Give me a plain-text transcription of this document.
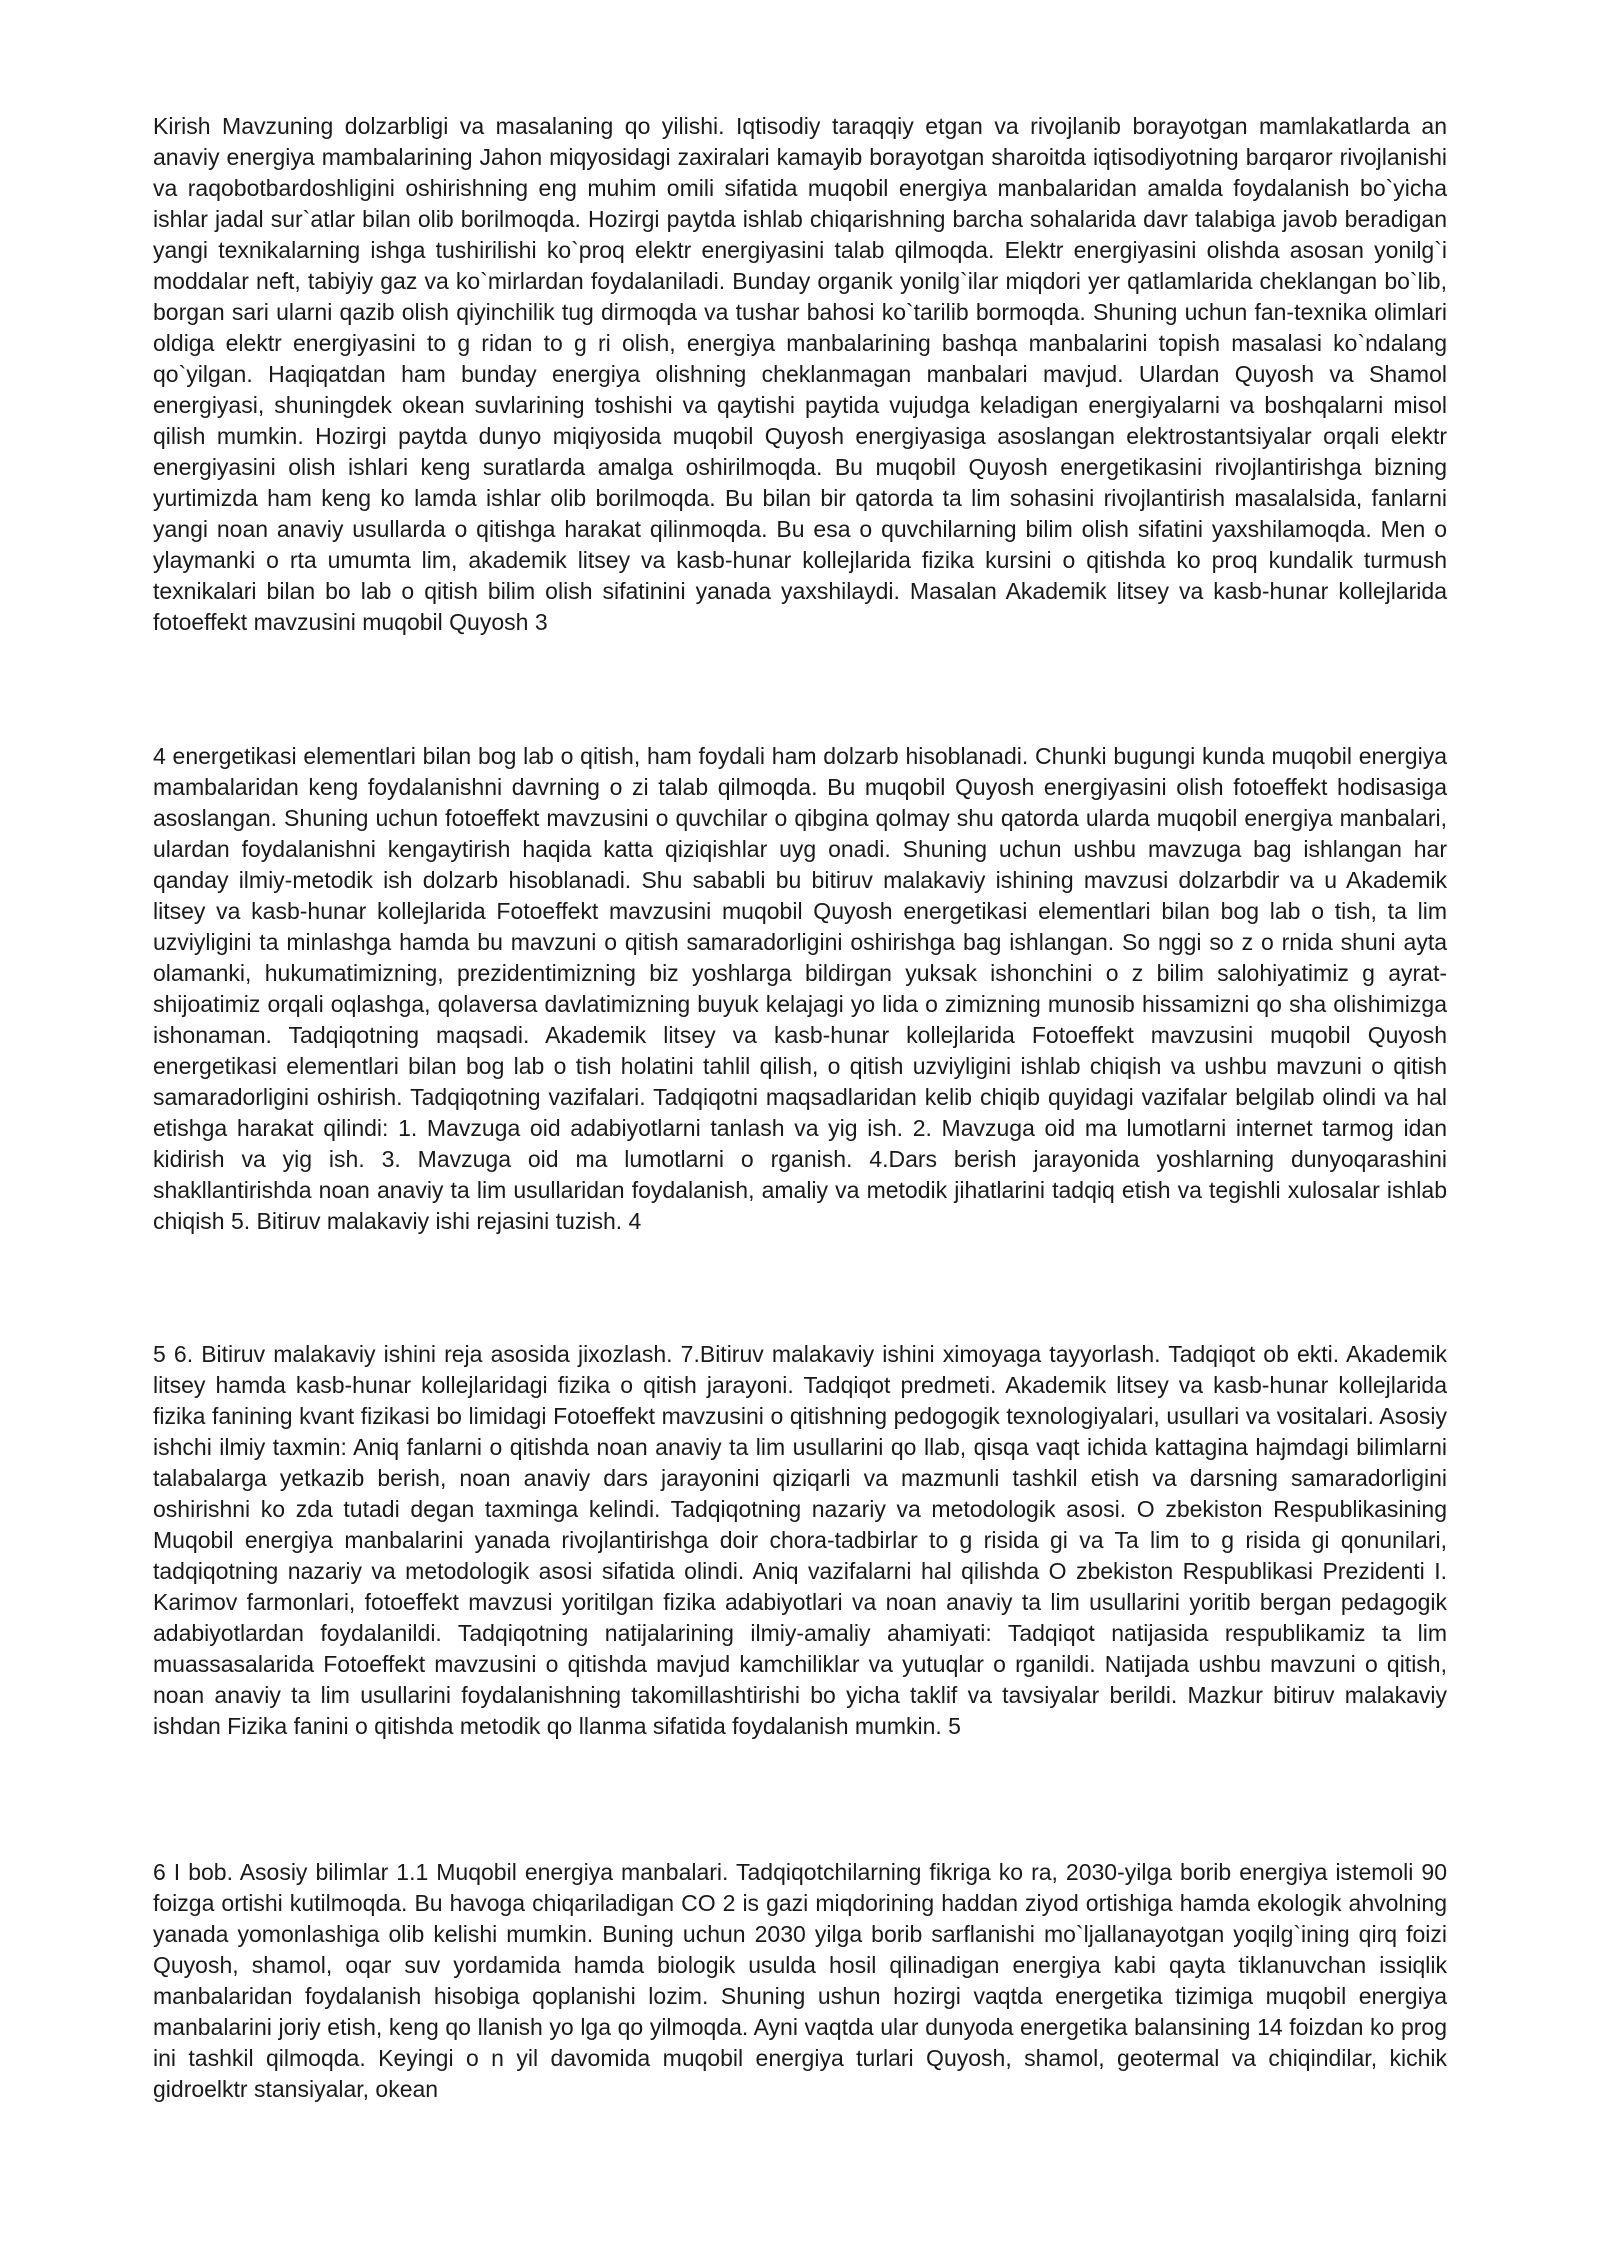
Kirish Mavzuning dolzarbligi va masalaning qo yilishi. Iqtisodiy taraqqiy etgan va rivojlanib borayotgan mamlakatlarda an anaviy energiya mambalarining Jahon miqyosidagi zaxiralari kamayib borayotgan sharoitda iqtisodiyotning barqaror rivojlanishi va raqobotbardoshligini oshirishning eng muhim omili sifatida muqobil energiya manbalaridan amalda foydalanish bo`yicha ishlar jadal sur`atlar bilan olib borilmoqda. Hozirgi paytda ishlab chiqarishning barcha sohalarida davr talabiga javob beradigan yangi texnikalarning ishga tushirilishi ko`proq elektr energiyasini talab qilmoqda. Elektr energiyasini olishda asosan yonilg`i moddalar neft, tabiyiy gaz va ko`mirlardan foydalaniladi. Bunday organik yonilg`ilar miqdori yer qatlamlarida cheklangan bo`lib, borgan sari ularni qazib olish qiyinchilik tug dirmoqda va tushar bahosi ko`tarilib bormoqda. Shuning uchun fan-texnika olimlari oldiga elektr energiyasini to g ridan to g ri olish, energiya manbalarining bashqa manbalarini topish masalasi ko`ndalang qo`yilgan. Haqiqatdan ham bunday energiya olishning cheklanmagan manbalari mavjud. Ulardan Quyosh va Shamol energiyasi, shuningdek okean suvlarining toshishi va qaytishi paytida vujudga keladigan energiyalarni va boshqalarni misol qilish mumkin. Hozirgi paytda dunyo miqiyosida muqobil Quyosh energiyasiga asoslangan elektrostantsiyalar orqali elektr energiyasini olish ishlari keng suratlarda amalga oshirilmoqda. Bu muqobil Quyosh energetikasini rivojlantirishga bizning yurtimizda ham keng ko lamda ishlar olib borilmoqda. Bu bilan bir qatorda ta lim sohasini rivojlantirish masalalsida, fanlarni yangi noan anaviy usullarda o qitishga harakat qilinmoqda. Bu esa o quvchilarning bilim olish sifatini yaxshilamoqda. Men o ylaymanki o rta umumta lim, akademik litsey va kasb-hunar kollejlarida fizika kursini o qitishda ko proq kundalik turmush texnikalari bilan bo lab o qitish bilim olish sifatinini yanada yaxshilaydi. Masalan Akademik litsey va kasb-hunar kollejlarida fotoeffekt mavzusini muqobil Quyosh 3

4 energetikasi elementlari bilan bog lab o qitish, ham foydali ham dolzarb hisoblanadi. Chunki bugungi kunda muqobil energiya mambalaridan keng foydalanishni davrning o zi talab qilmoqda. Bu muqobil Quyosh energiyasini olish fotoeffekt hodisasiga asoslangan. Shuning uchun fotoeffekt mavzusini o quvchilar o qibgina qolmay shu qatorda ularda muqobil energiya manbalari, ulardan foydalanishni kengaytirish haqida katta qiziqishlar uyg onadi. Shuning uchun ushbu mavzuga bag ishlangan har qanday ilmiy-metodik ish dolzarb hisoblanadi. Shu sababli bu bitiruv malakaviy ishining mavzusi dolzarbdir va u Akademik litsey va kasb-hunar kollejlarida Fotoeffekt mavzusini muqobil Quyosh energetikasi elementlari bilan bog lab o tish, ta lim uzviyligini ta minlashga hamda bu mavzuni o qitish samaradorligini oshirishga bag ishlangan. So nggi so z o rnida shuni ayta olamanki, hukumatimizning, prezidentimizning biz yoshlarga bildirgan yuksak ishonchini o z bilim salohiyatimiz g ayrat-shijoatimiz orqali oqlashga, qolaversa davlatimizning buyuk kelajagi yo lida o zimizning munosib hissamizni qo sha olishimizga ishonaman. Tadqiqotning maqsadi. Akademik litsey va kasb-hunar kollejlarida Fotoeffekt mavzusini muqobil Quyosh energetikasi elementlari bilan bog lab o tish holatini tahlil qilish, o qitish uzviyligini ishlab chiqish va ushbu mavzuni o qitish samaradorligini oshirish. Tadqiqotning vazifalari. Tadqiqotni maqsadlaridan kelib chiqib quyidagi vazifalar belgilab olindi va hal etishga harakat qilindi: 1. Mavzuga oid adabiyotlarni tanlash va yig ish. 2. Mavzuga oid ma lumotlarni internet tarmog idan kidirish va yig ish. 3. Mavzuga oid ma lumotlarni o rganish. 4.Dars berish jarayonida yoshlarning dunyoqarashini shakllantirishda noan anaviy ta lim usullaridan foydalanish, amaliy va metodik jihatlarini tadqiq etish va tegishli xulosalar ishlab chiqish 5. Bitiruv malakaviy ishi rejasini tuzish. 4

5 6. Bitiruv malakaviy ishini reja asosida jixozlash. 7.Bitiruv malakaviy ishini ximoyaga tayyorlash. Tadqiqot ob ekti. Akademik litsey hamda kasb-hunar kollejlaridagi fizika o qitish jarayoni. Tadqiqot predmeti. Akademik litsey va kasb-hunar kollejlarida fizika fanining kvant fizikasi bo limidagi Fotoeffekt mavzusini o qitishning pedogogik texnologiyalari, usullari va vositalari. Asosiy ishchi ilmiy taxmin: Aniq fanlarni o qitishda noan anaviy ta lim usullarini qo llab, qisqa vaqt ichida kattagina hajmdagi bilimlarni talabalarga yetkazib berish, noan anaviy dars jarayonini qiziqarli va mazmunli tashkil etish va darsning samaradorligini oshirishni ko zda tutadi degan taxminga kelindi. Tadqiqotning nazariy va metodologik asosi. O zbekiston Respublikasining Muqobil energiya manbalarini yanada rivojlantirishga doir chora-tadbirlar to g risida gi va Ta lim to g risida gi qonunilari, tadqiqotning nazariy va metodologik asosi sifatida olindi. Aniq vazifalarni hal qilishda O zbekiston Respublikasi Prezidenti I. Karimov farmonlari, fotoeffekt mavzusi yoritilgan fizika adabiyotlari va noan anaviy ta lim usullarini yoritib bergan pedagogik adabiyotlardan foydalanildi. Tadqiqotning natijalarining ilmiy-amaliy ahamiyati: Tadqiqot natijasida respublikamiz ta lim muassasalarida Fotoeffekt mavzusini o qitishda mavjud kamchiliklar va yutuqlar o rganildi. Natijada ushbu mavzuni o qitish, noan anaviy ta lim usullarini foydalanishning takomillashtirishi bo yicha taklif va tavsiyalar berildi. Mazkur bitiruv malakaviy ishdan Fizika fanini o qitishda metodik qo llanma sifatida foydalanish mumkin. 5

6 I bob. Asosiy bilimlar 1.1 Muqobil energiya manbalari. Tadqiqotchilarning fikriga ko ra, 2030-yilga borib energiya istemoli 90 foizga ortishi kutilmoqda. Bu havoga chiqariladigan CO 2 is gazi miqdorining haddan ziyod ortishiga hamda ekologik ahvolning yanada yomonlashiga olib kelishi mumkin. Buning uchun 2030 yilga borib sarflanishi mo`ljallanayotgan yoqilg`ining qirq foizi Quyosh, shamol, oqar suv yordamida hamda biologik usulda hosil qilinadigan energiya kabi qayta tiklanuvchan issiqlik manbalaridan foydalanish hisobiga qoplanishi lozim. Shuning ushun hozirgi vaqtda energetika tizimiga muqobil energiya manbalarini joriy etish, keng qo llanish yo lga qo yilmoqda. Ayni vaqtda ular dunyoda energetika balansining 14 foizdan ko prog ini tashkil qilmoqda. Keyingi o n yil davomida muqobil energiya turlari Quyosh, shamol, geotermal va chiqindilar, kichik gidroelktr stansiyalar, okean
